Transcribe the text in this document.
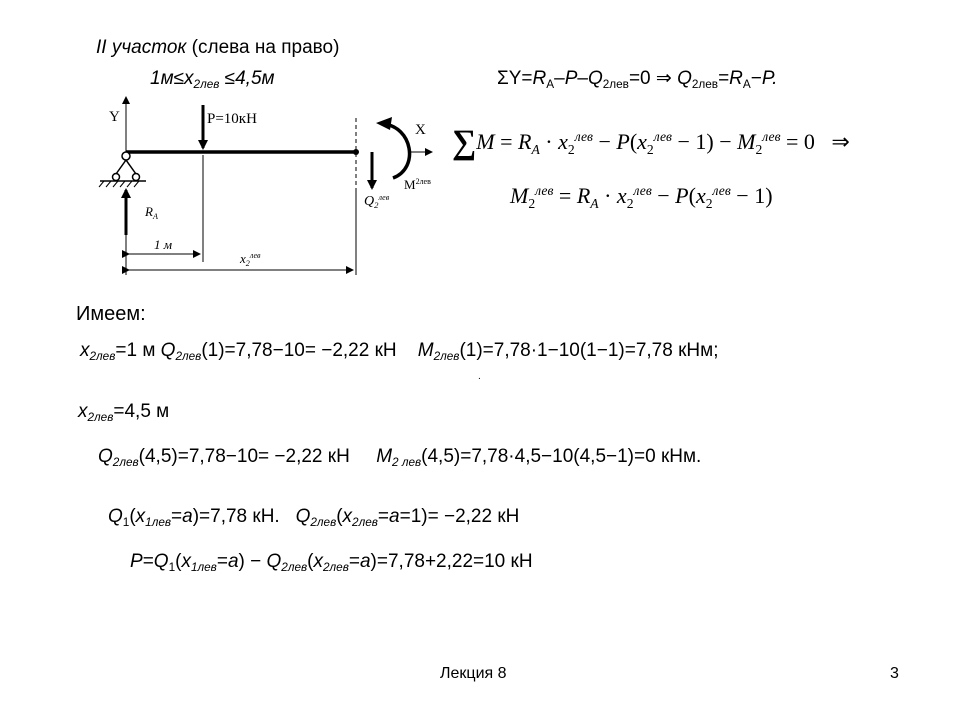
II участок (слева на право)
$1м\le x_{2лев} \le 4,5м$
Y
X
P=10кН
$R_A$
$M^{2лев}$
$Q_2^{лев}$
1 м
$x_2^{лев}$
$\Sigma Y=R_A-P-Q_{2лев}=0$ ⇒ $Q_{2лев}=R_A-P$.
$\sum M = R_A \cdot x_2^{лев} - P(x_2^{лев} - 1) - M_2^{лев} = 0$   ⇒
$M_2^{лев} = R_A \cdot x_2^{лев} - P(x_2^{лев} - 1)$
Имеем:
$x_{2лев}=1$ м $Q_{2лев}(1)=7,78-10= -2,22$ кН    $M_{2лев}(1)=7,78\cdot 1-10(1-1)=7,78$ кНм;
.
$x_{2лев}=4,5$ м
$Q_{2лев}(4,5)=7,78-10= -2,22$ кН     $M_{2 лев}(4,5)=7,78\cdot 4,5-10(4,5-1)=0$ кНм.
$Q_1(x_{1лев}=a)=7,78$ кН.   $Q_{2лев}(x_{2лев}=a=1)= -2,22$ кН
$P=Q_1(x_{1лев}=a) - Q_{2лев}(x_{2лев}=a)=7,78+2,22=10$ кН
Лекция 8	3
